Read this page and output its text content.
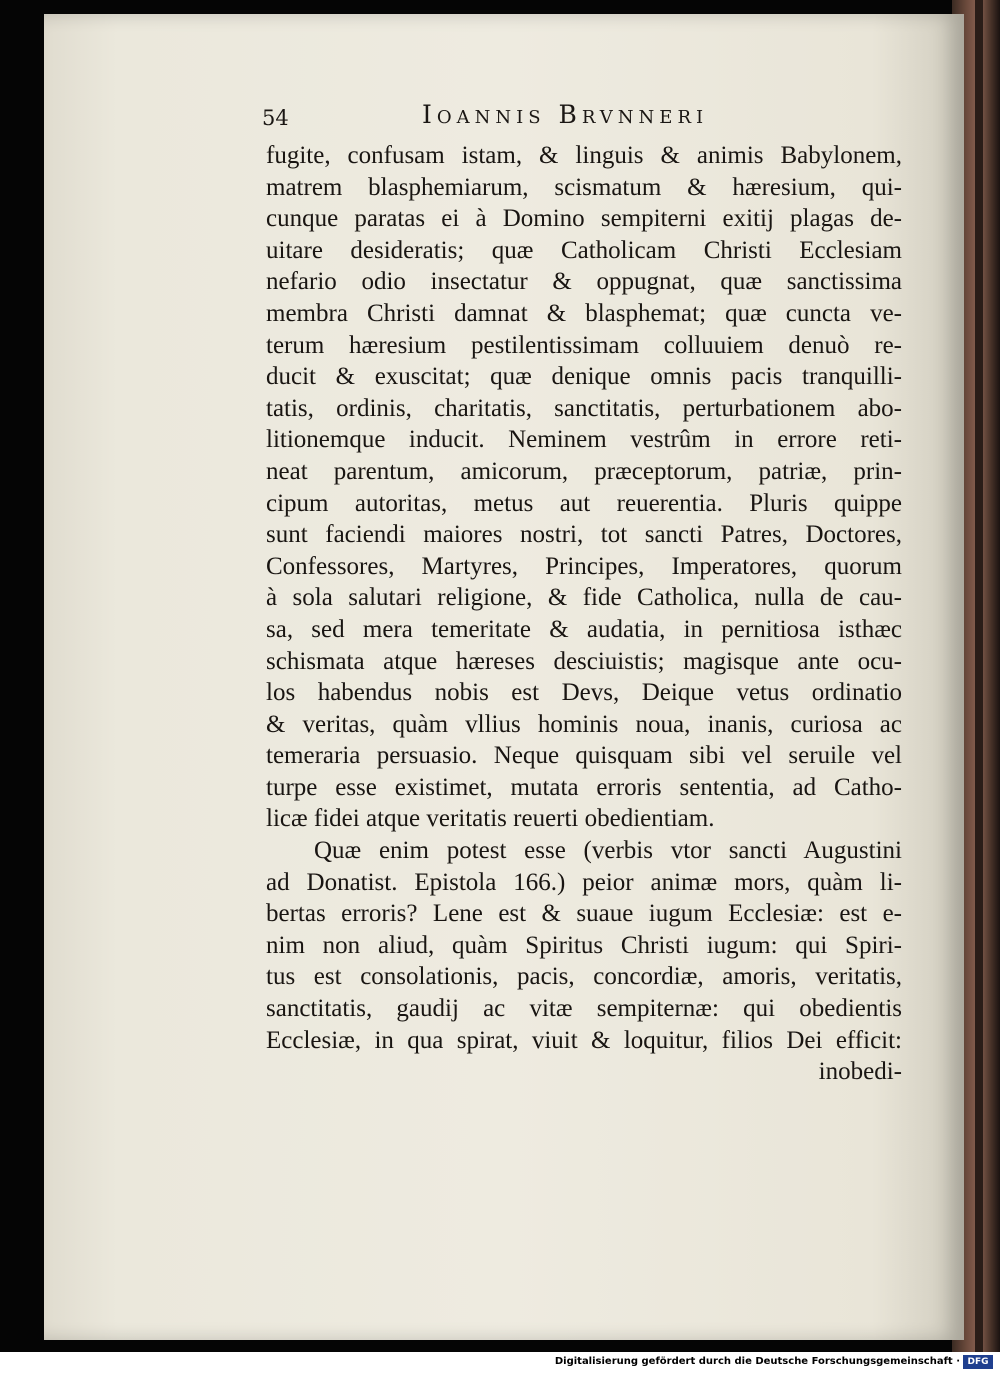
54	Ioannis Brvnneri
fugite, confusam istam, & linguis & animis Babylonem,
matrem blasphemiarum, scismatum & hæresium, qui-
cunque paratas ei à Domino sempiterni exitij plagas de-
uitare desideratis; quæ Catholicam Christi Ecclesiam
nefario odio insectatur & oppugnat, quæ sanctissima
membra Christi damnat & blasphemat; quæ cuncta ve-
terum hæresium pestilentissimam colluuiem denuò re-
ducit & exuscitat; quæ denique omnis pacis tranquilli-
tatis, ordinis, charitatis, sanctitatis, perturbationem abo-
litionemque inducit. Neminem vestrûm in errore reti-
neat parentum, amicorum, præceptorum, patriæ, prin-
cipum autoritas, metus aut reuerentia. Pluris quippe
sunt faciendi maiores nostri, tot sancti Patres, Doctores,
Confessores, Martyres, Principes, Imperatores, quorum
à sola salutari religione, & fide Catholica, nulla de cau-
sa, sed mera temeritate & audatia, in pernitiosa isthæc
schismata atque hæreses desciuistis; magisque ante ocu-
los habendus nobis est Devs, Deique vetus ordinatio
& veritas, quàm vllius hominis noua, inanis, curiosa ac
temeraria persuasio. Neque quisquam sibi vel seruile vel
turpe esse existimet, mutata erroris sententia, ad Catho-
licæ fidei atque veritatis reuerti obedientiam.
Quæ enim potest esse (verbis vtor sancti Augustini
ad Donatist. Epistola 166.) peior animæ mors, quàm li-
bertas erroris? Lene est & suaue iugum Ecclesiæ: est e-
nim non aliud, quàm Spiritus Christi iugum: qui Spiri-
tus est consolationis, pacis, concordiæ, amoris, veritatis,
sanctitatis, gaudij ac vitæ sempiternæ: qui obedientis
Ecclesiæ, in qua spirat, viuit & loquitur, filios Dei efficit:
inobedi-
Digitalisierung gefördert durch die Deutsche Forschungsgemeinschaft · DFG
